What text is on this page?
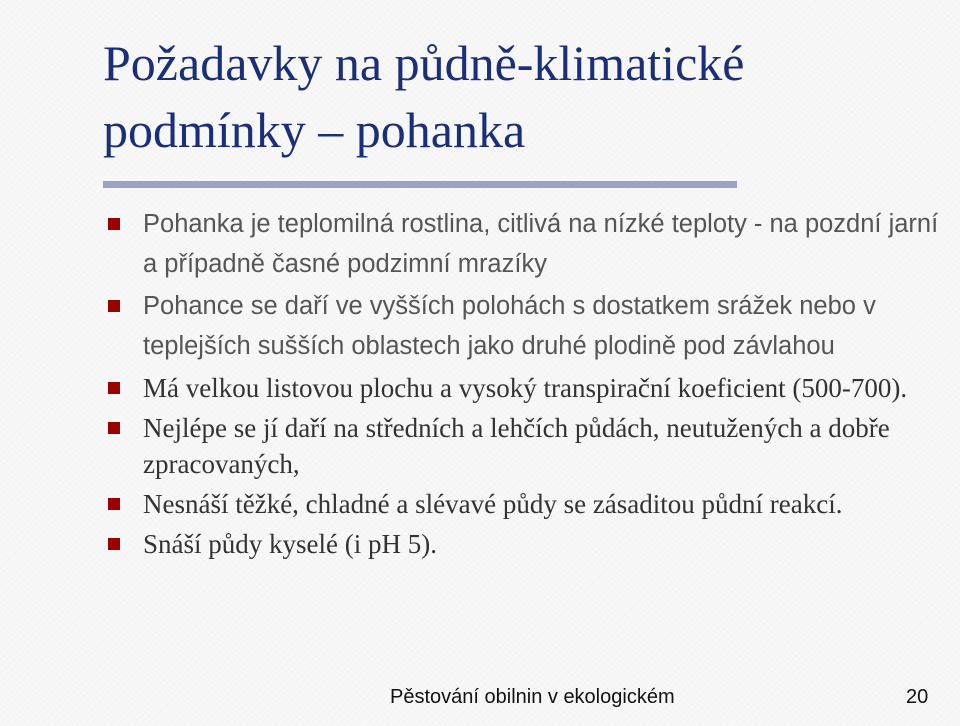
Požadavky na půdně-klimatické
podmínky – pohanka
Pohanka je teplomilná rostlina, citlivá na nízké teploty - na pozdní jarní a případně časné podzimní mrazíky
Pohance se daří ve vyšších polohách s dostatkem srážek nebo v teplejších sušších oblastech jako druhé plodině pod závlahou
Má velkou listovou plochu a vysoký transpirační koeficient (500-700).
Nejlépe se jí daří na středních a lehčích půdách, neutužených a dobře zpracovaných,
Nesnáší těžké, chladné a slévavé půdy se zásaditou půdní reakcí.
Snáší půdy kyselé (i pH 5).
Pěstování obilnin v ekologickém	20
